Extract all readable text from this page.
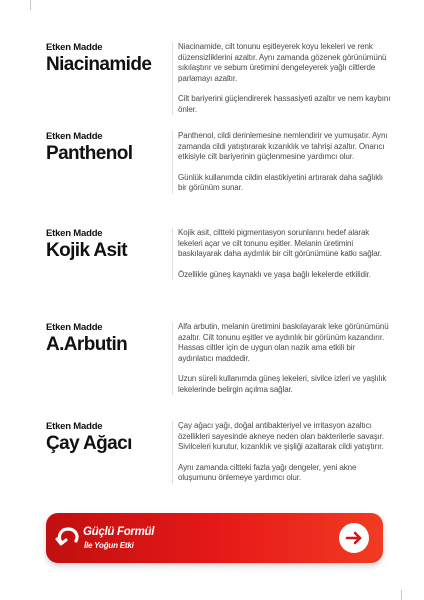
Etken Madde
Niacinamide

Niacinamide, cilt tonunu eşitleyerek koyu lekeleri ve renk düzensizliklerini azaltır. Aynı zamanda gözenek görünümünü sıkılaştırır ve sebum üretimini dengeleyerek yağlı ciltlerde parlamayı azaltır.

Cilt bariyerini güçlendirerek hassasiyeti azaltır ve nem kaybını önler.

Etken Madde
Panthenol

Panthenol, cildi derinlemesine nemlendirir ve yumuşatır. Aynı zamanda cildi yatıştırarak kızarıklık ve tahrişi azaltır. Onarıcı etkisiyle cilt bariyerinin güçlenmesine yardımcı olur.

Günlük kullanımda cildin elastikiyetini artırarak daha sağlıklı bir görünüm sunar.

Etken Madde
Kojik Asit

Kojik asit, ciltteki pigmentasyon sorunlarını hedef alarak lekeleri açar ve cilt tonunu eşitler. Melanin üretimini baskılayarak daha aydınlık bir cilt görünümüne katkı sağlar.

Özellikle güneş kaynaklı ve yaşa bağlı lekelerde etkilidir.

Etken Madde
A.Arbutin

Alfa arbutin, melanin üretimini baskılayarak leke görünümünü azaltır. Cilt tonunu eşitler ve aydınlık bir görünüm kazandırır. Hassas ciltler için de uygun olan nazik ama etkili bir aydınlatıcı maddedir.

Uzun süreli kullanımda güneş lekeleri, sivilce izleri ve yaşlılık lekelerinde belirgin açılma sağlar.

Etken Madde
Çay Ağacı

Çay ağacı yağı, doğal antibakteriyel ve irritasyon azaltıcı özellikleri sayesinde akneye neden olan bakterilerle savaşır. Sivilceleri kurutur, kızarıklık ve şişliği azaltarak cildi yatıştırır.

Aynı zamanda ciltteki fazla yağı dengeler, yeni akne oluşumunu önlemeye yardımcı olur.

Güçlü Formül
İle Yoğun Etki
